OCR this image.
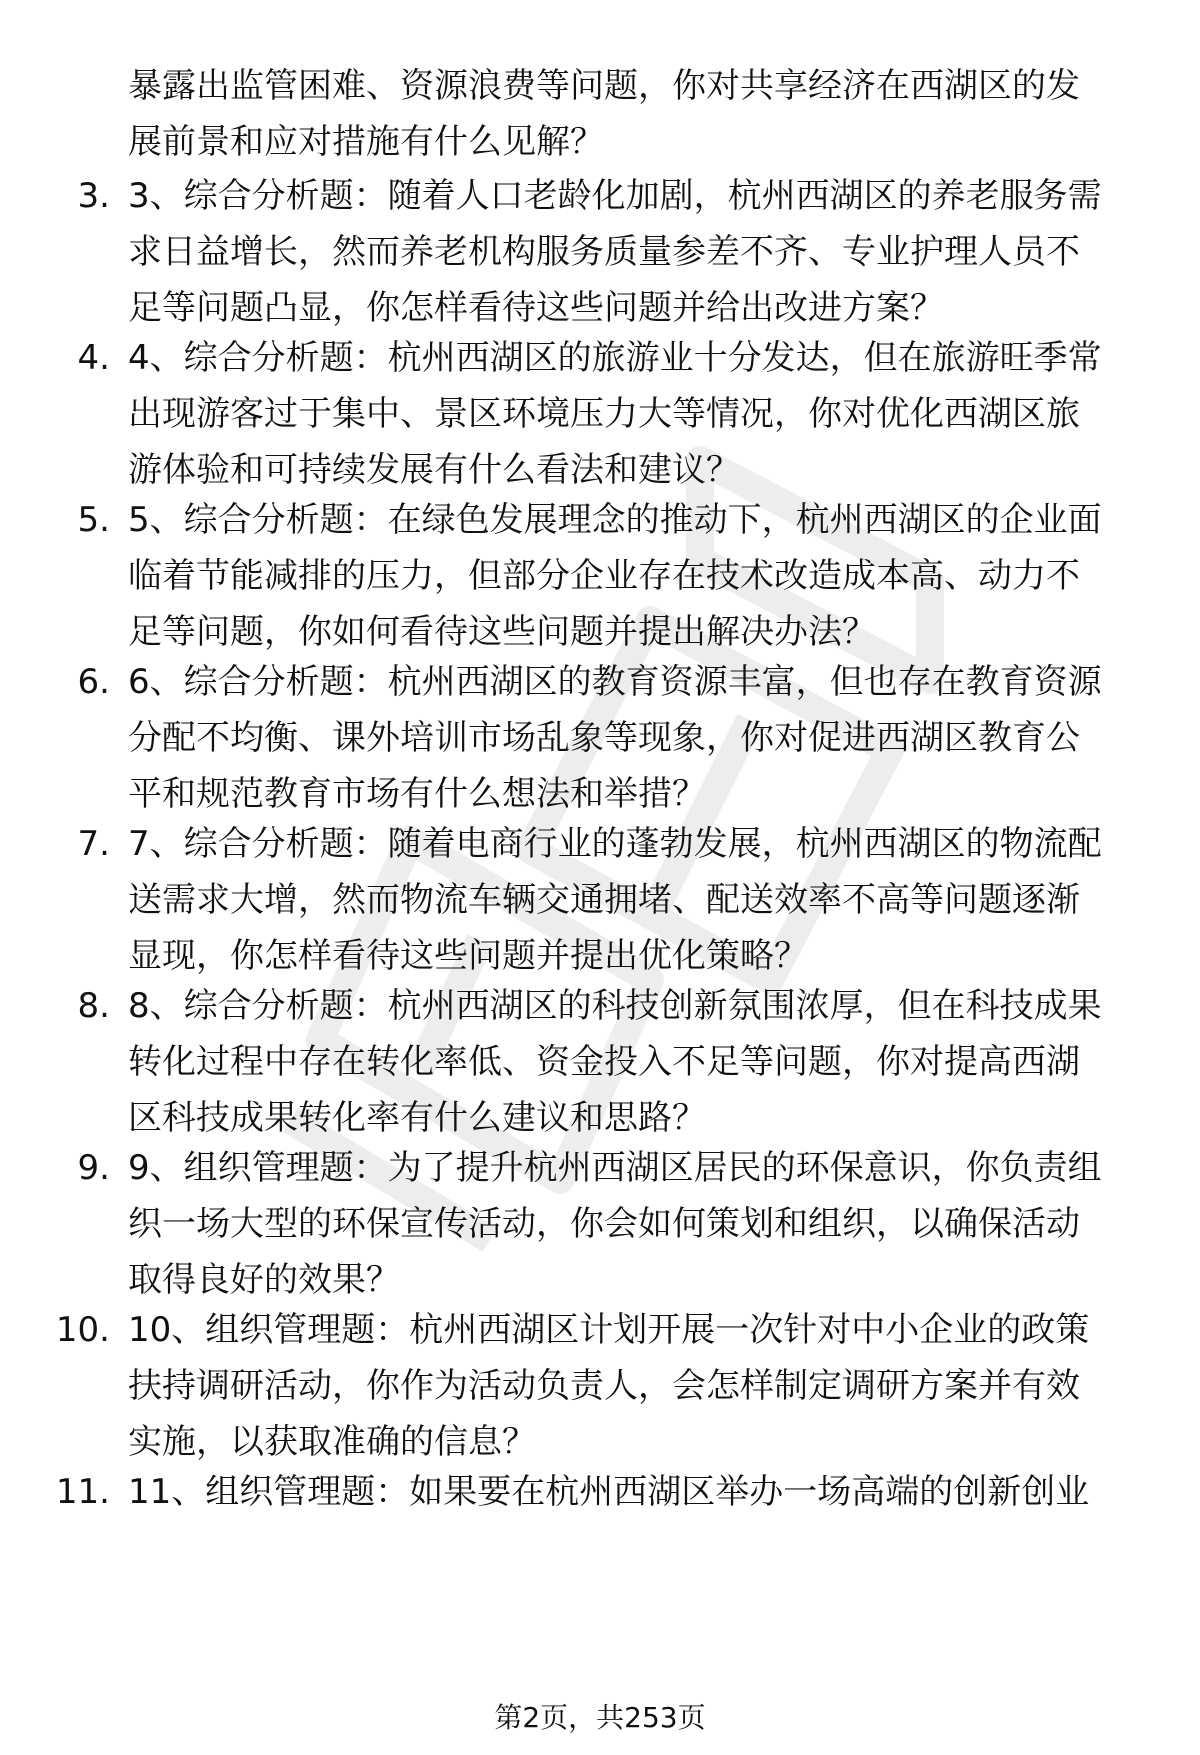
暴露出监管困难、资源浪费等问题，你对共享经济在西湖区的发

展前景和应对措施有什么见解？

3. 3、综合分析题：随着人口老龄化加剧，杭州西湖区的养老服务需

求日益增长，然而养老机构服务质量参差不齐、专业护理人员不

足等问题凸显，你怎样看待这些问题并给出改进方案？

4. 4、综合分析题：杭州西湖区的旅游业十分发达，但在旅游旺季常

出现游客过于集中、景区环境压力大等情况，你对优化西湖区旅

游体验和可持续发展有什么看法和建议？

5. 5、综合分析题：在绿色发展理念的推动下，杭州西湖区的企业面

临着节能减排的压力，但部分企业存在技术改造成本高、动力不

足等问题，你如何看待这些问题并提出解决办法？

6. 6、综合分析题：杭州西湖区的教育资源丰富，但也存在教育资源

分配不均衡、课外培训市场乱象等现象，你对促进西湖区教育公

平和规范教育市场有什么想法和举措？

7. 7、综合分析题：随着电商行业的蓬勃发展，杭州西湖区的物流配

送需求大增，然而物流车辆交通拥堵、配送效率不高等问题逐渐

显现，你怎样看待这些问题并提出优化策略？

8. 8、综合分析题：杭州西湖区的科技创新氛围浓厚，但在科技成果

转化过程中存在转化率低、资金投入不足等问题，你对提高西湖

区科技成果转化率有什么建议和思路？

9. 9、组织管理题：为了提升杭州西湖区居民的环保意识，你负责组

织一场大型的环保宣传活动，你会如何策划和组织，以确保活动

取得良好的效果？

10. 10、组织管理题：杭州西湖区计划开展一次针对中小企业的政策

扶持调研活动，你作为活动负责人，会怎样制定调研方案并有效

实施，以获取准确的信息？

11. 11、组织管理题：如果要在杭州西湖区举办一场高端的创新创业

第2页，共253页
